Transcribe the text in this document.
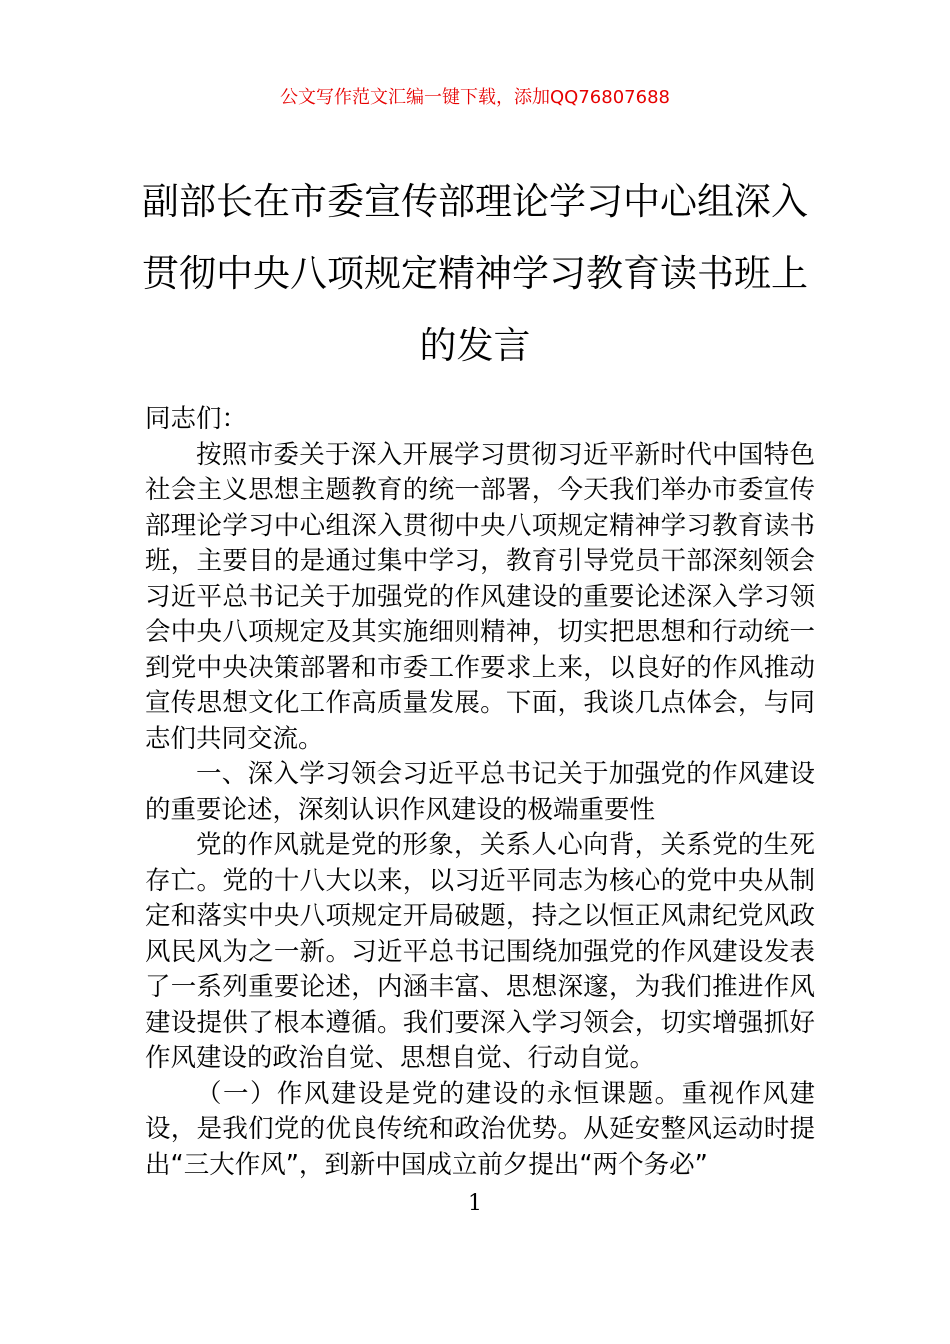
公文写作范文汇编一键下载，添加QQ76807688
副部长在市委宣传部理论学习中心组深入
贯彻中央八项规定精神学习教育读书班上
的发言

同志们：

按照市委关于深入开展学习贯彻习近平新时代中国特色社会主义思想主题教育的统一部署，今天我们举办市委宣传部理论学习中心组深入贯彻中央八项规定精神学习教育读书班，主要目的是通过集中学习，教育引导党员干部深刻领会习近平总书记关于加强党的作风建设的重要论述深入学习领会中央八项规定及其实施细则精神，切实把思想和行动统一到党中央决策部署和市委工作要求上来，以良好的作风推动宣传思想文化工作高质量发展。下面，我谈几点体会，与同志们共同交流。

一、深入学习领会习近平总书记关于加强党的作风建设的重要论述，深刻认识作风建设的极端重要性

党的作风就是党的形象，关系人心向背，关系党的生死存亡。党的十八大以来，以习近平同志为核心的党中央从制定和落实中央八项规定开局破题，持之以恒正风肃纪党风政风民风为之一新。习近平总书记围绕加强党的作风建设发表了一系列重要论述，内涵丰富、思想深邃，为我们推进作风建设提供了根本遵循。我们要深入学习领会，切实增强抓好作风建设的政治自觉、思想自觉、行动自觉。

（一）作风建设是党的建设的永恒课题。重视作风建设，是我们党的优良传统和政治优势。从延安整风运动时提出“三大作风”，到新中国成立前夕提出“两个务必”

1
